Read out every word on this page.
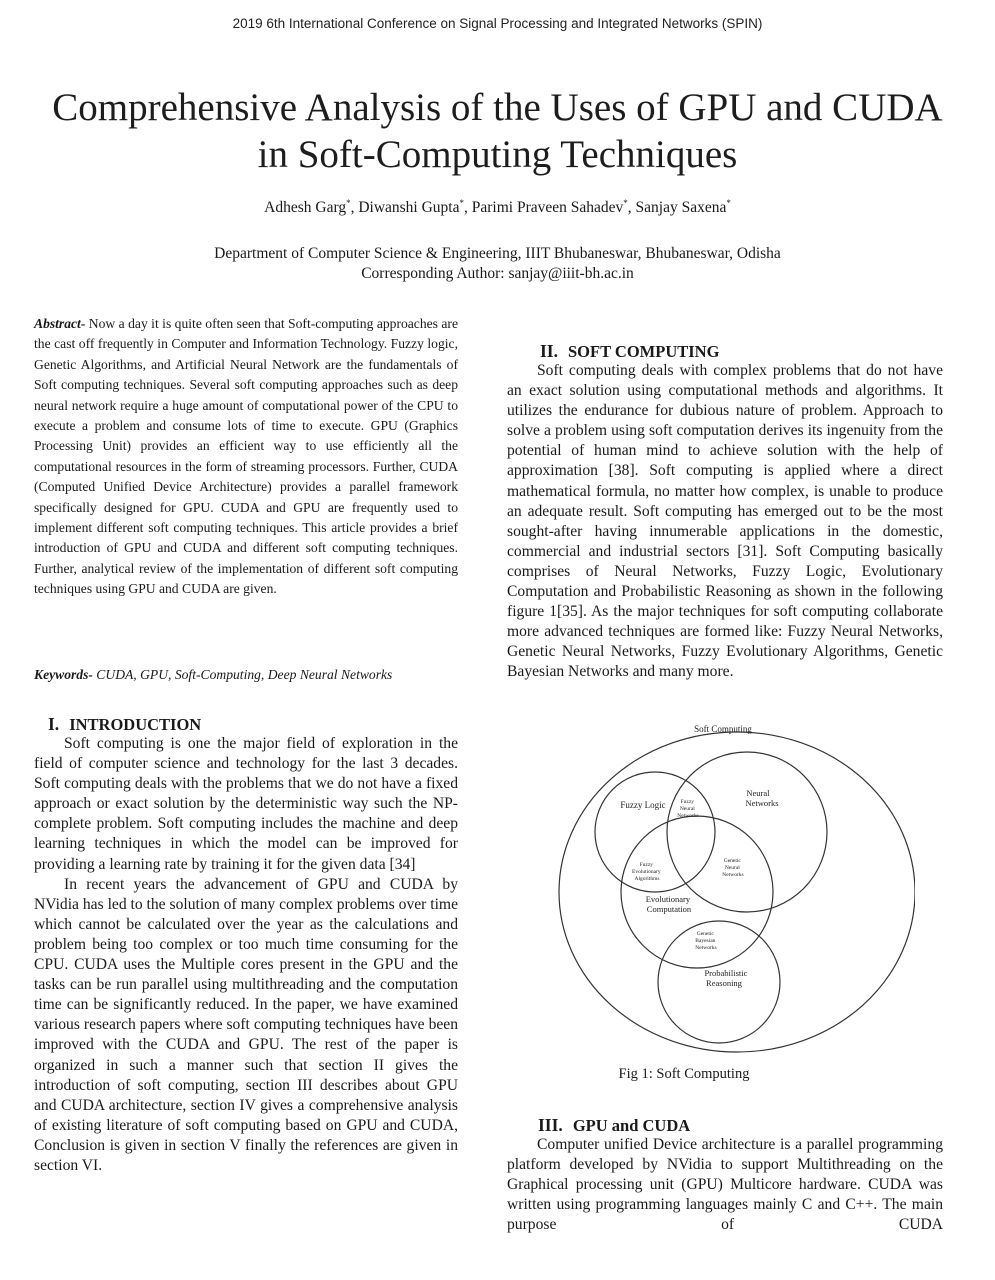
2019 6th International Conference on Signal Processing and Integrated Networks (SPIN)
Comprehensive Analysis of the Uses of GPU and CUDA in Soft-Computing Techniques
Adhesh Garg*, Diwanshi Gupta*, Parimi Praveen Sahadev*, Sanjay Saxena*
Department of Computer Science & Engineering, IIIT Bhubaneswar, Bhubaneswar, Odisha
Corresponding Author: sanjay@iiit-bh.ac.in
Abstract- Now a day it is quite often seen that Soft-computing approaches are the cast off frequently in Computer and Information Technology. Fuzzy logic, Genetic Algorithms, and Artificial Neural Network are the fundamentals of Soft computing techniques. Several soft computing approaches such as deep neural network require a huge amount of computational power of the CPU to execute a problem and consume lots of time to execute. GPU (Graphics Processing Unit) provides an efficient way to use efficiently all the computational resources in the form of streaming processors. Further, CUDA (Computed Unified Device Architecture) provides a parallel framework specifically designed for GPU. CUDA and GPU are frequently used to implement different soft computing techniques. This article provides a brief introduction of GPU and CUDA and different soft computing techniques. Further, analytical review of the implementation of different soft computing techniques using GPU and CUDA are given.
Keywords- CUDA, GPU, Soft-Computing, Deep Neural Networks
I. INTRODUCTION

Soft computing is one the major field of exploration in the field of computer science and technology for the last 3 decades. Soft computing deals with the problems that we do not have a fixed approach or exact solution by the deterministic way such the NP-complete problem. Soft computing includes the machine and deep learning techniques in which the model can be improved for providing a learning rate by training it for the given data [34]

In recent years the advancement of GPU and CUDA by NVidia has led to the solution of many complex problems over time which cannot be calculated over the year as the calculations and problem being too complex or too much time consuming for the CPU. CUDA uses the Multiple cores present in the GPU and the tasks can be run parallel using multithreading and the computation time can be significantly reduced. In the paper, we have examined various research papers where soft computing techniques have been improved with the CUDA and GPU. The rest of the paper is organized in such a manner such that section II gives the introduction of soft computing, section III describes about GPU and CUDA architecture, section IV gives a comprehensive analysis of existing literature of soft computing based on GPU and CUDA, Conclusion is given in section V finally the references are given in section VI.

II. SOFT COMPUTING

Soft computing deals with complex problems that do not have an exact solution using computational methods and algorithms. It utilizes the endurance for dubious nature of problem. Approach to solve a problem using soft computation derives its ingenuity from the potential of human mind to achieve solution with the help of approximation [38]. Soft computing is applied where a direct mathematical formula, no matter how complex, is unable to produce an adequate result. Soft computing has emerged out to be the most sought-after having innumerable applications in the domestic, commercial and industrial sectors [31]. Soft Computing basically comprises of Neural Networks, Fuzzy Logic, Evolutionary Computation and Probabilistic Reasoning as shown in the following figure 1[35]. As the major techniques for soft computing collaborate more advanced techniques are formed like: Fuzzy Neural Networks, Genetic Neural Networks, Fuzzy Evolutionary Algorithms, Genetic Bayesian Networks and many more.

Soft Computing
Fuzzy Logic
Neural Networks
Fuzzy Neural Networks
Fuzzy Evolutionary Algorithms
Genetic Neural Networks
Evolutionary Computation
Genetic Bayesian Networks
Probabilistic Reasoning
Fig 1: Soft Computing
III. GPU and CUDA

Computer unified Device architecture is a parallel programming platform developed by NVidia to support Multithreading on the Graphical processing unit (GPU) Multicore hardware. CUDA was written using programming languages mainly C and C++. The main purpose of CUDA
